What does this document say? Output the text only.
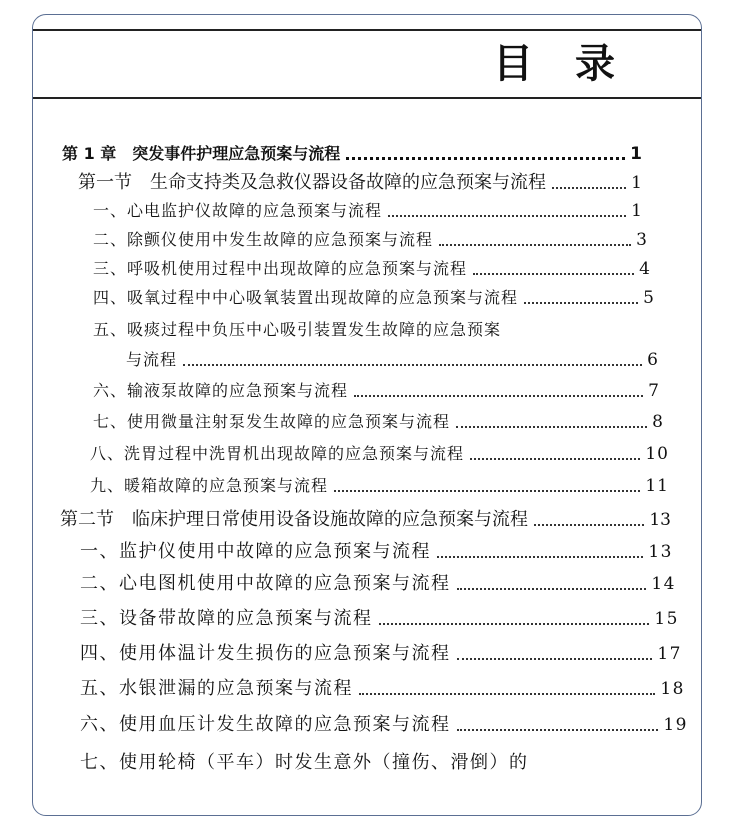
目录
第 1 章　突发事件护理应急预案与流程	1
第一节　生命支持类及急救仪器设备故障的应急预案与流程	1
一、心电监护仪故障的应急预案与流程	1
二、除颤仪使用中发生故障的应急预案与流程	3
三、呼吸机使用过程中出现故障的应急预案与流程	4
四、吸氧过程中中心吸氧装置出现故障的应急预案与流程	5
五、吸痰过程中负压中心吸引装置发生故障的应急预案
与流程	6
六、输液泵故障的应急预案与流程	7
七、使用微量注射泵发生故障的应急预案与流程	8
八、洗胃过程中洗胃机出现故障的应急预案与流程	10
九、暖箱故障的应急预案与流程	11
第二节　临床护理日常使用设备设施故障的应急预案与流程	13
一、监护仪使用中故障的应急预案与流程	13
二、心电图机使用中故障的应急预案与流程	14
三、设备带故障的应急预案与流程	15
四、使用体温计发生损伤的应急预案与流程	17
五、水银泄漏的应急预案与流程	18
六、使用血压计发生故障的应急预案与流程	19
七、使用轮椅（平车）时发生意外（撞伤、滑倒）的
